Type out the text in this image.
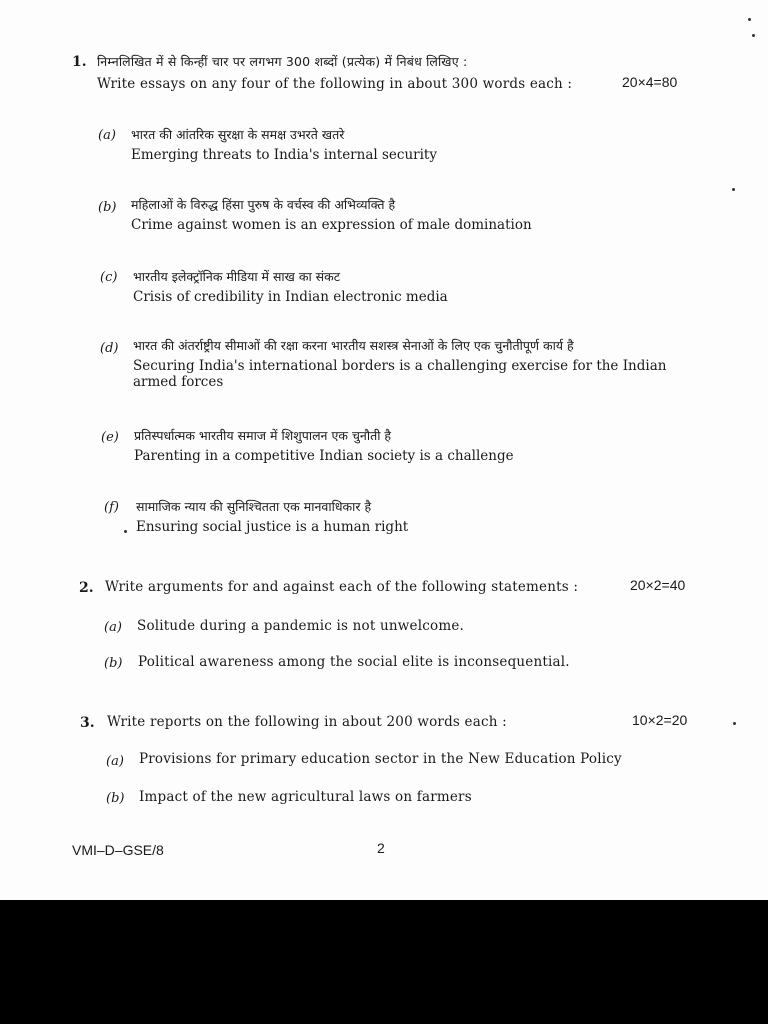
1. निम्नलिखित में से किन्हीं चार पर लगभग 300 शब्दों (प्रत्येक) में निबंध लिखिए :
Write essays on any four of the following in about 300 words each :	20×4=80
(a) भारत की आंतरिक सुरक्षा के समक्ष उभरते खतरे
Emerging threats to India's internal security
(b) महिलाओं के विरुद्ध हिंसा पुरुष के वर्चस्व की अभिव्यक्ति है
Crime against women is an expression of male domination
(c) भारतीय इलेक्ट्रॉनिक मीडिया में साख का संकट
Crisis of credibility in Indian electronic media
(d) भारत की अंतर्राष्ट्रीय सीमाओं की रक्षा करना भारतीय सशस्त्र सेनाओं के लिए एक चुनौतीपूर्ण कार्य है
Securing India's international borders is a challenging exercise for the Indian
armed forces
(e) प्रतिस्पर्धात्मक भारतीय समाज में शिशुपालन एक चुनौती है
Parenting in a competitive Indian society is a challenge
(f) सामाजिक न्याय की सुनिश्चितता एक मानवाधिकार है
Ensuring social justice is a human right
2. Write arguments for and against each of the following statements :	20×2=40
(a) Solitude during a pandemic is not unwelcome.
(b) Political awareness among the social elite is inconsequential.
3. Write reports on the following in about 200 words each :	10×2=20
(a) Provisions for primary education sector in the New Education Policy
(b) Impact of the new agricultural laws on farmers
VMI–D–GSE/8	2
